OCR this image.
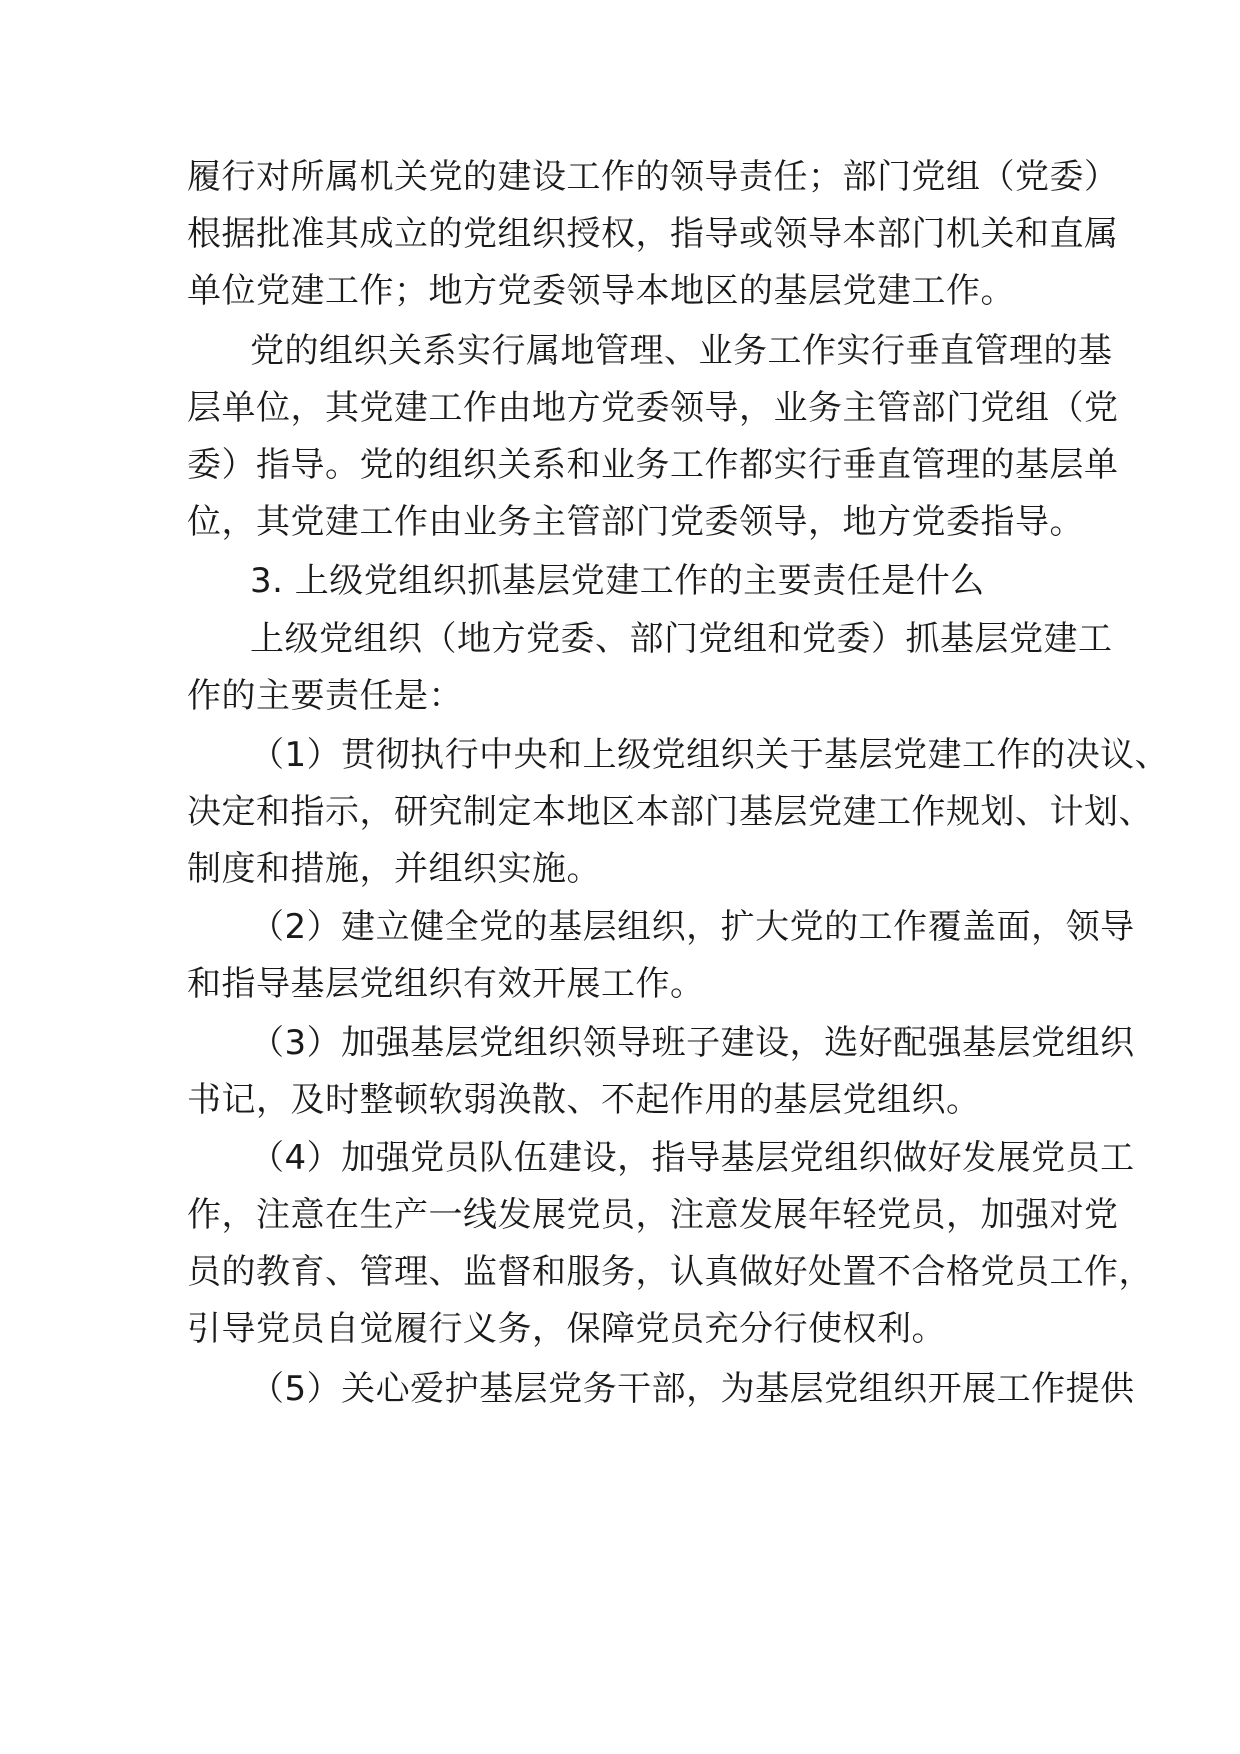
履行对所属机关党的建设工作的领导责任；部门党组（党委）
根据批准其成立的党组织授权，指导或领导本部门机关和直属
单位党建工作；地方党委领导本地区的基层党建工作。
党的组织关系实行属地管理、业务工作实行垂直管理的基
层单位，其党建工作由地方党委领导，业务主管部门党组（党
委）指导。党的组织关系和业务工作都实行垂直管理的基层单
位，其党建工作由业务主管部门党委领导，地方党委指导。
3. 上级党组织抓基层党建工作的主要责任是什么
上级党组织（地方党委、部门党组和党委）抓基层党建工
作的主要责任是：
（1）贯彻执行中央和上级党组织关于基层党建工作的决议、
决定和指示，研究制定本地区本部门基层党建工作规划、计划、
制度和措施，并组织实施。
（2）建立健全党的基层组织，扩大党的工作覆盖面，领导
和指导基层党组织有效开展工作。
（3）加强基层党组织领导班子建设，选好配强基层党组织
书记，及时整顿软弱涣散、不起作用的基层党组织。
（4）加强党员队伍建设，指导基层党组织做好发展党员工
作，注意在生产一线发展党员，注意发展年轻党员，加强对党
员的教育、管理、监督和服务，认真做好处置不合格党员工作，
引导党员自觉履行义务，保障党员充分行使权利。
（5）关心爱护基层党务干部，为基层党组织开展工作提供
